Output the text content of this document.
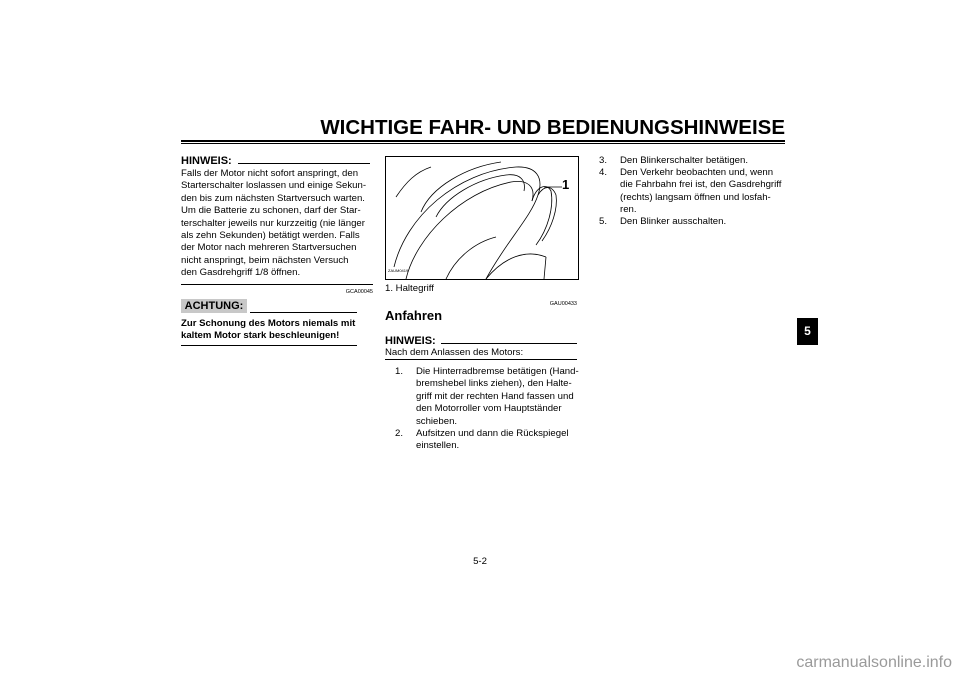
WICHTIGE FAHR- UND BEDIENUNGSHINWEISE
HINWEIS:
Falls der Motor nicht sofort anspringt, den
Starterschalter loslassen und einige Sekun-
den bis zum nächsten Startversuch warten.
Um die Batterie zu schonen, darf der Star-
terschalter jeweils nur kurzzeitig (nie länger
als zehn Sekunden) betätigt werden. Falls
der Motor nach mehreren Startversuchen
nicht anspringt, beim nächsten Versuch
den Gasdrehgriff 1/8 öffnen.
GCA00045
ACHTUNG:
Zur Schonung des Motors niemals mit
kaltem Motor stark beschleunigen!
1
ZAUM0419
1. Haltegriff
GAU00433
Anfahren
HINWEIS:
Nach dem Anlassen des Motors:
1. Die Hinterradbremse betätigen (Hand-
bremshebel links ziehen), den Halte-
griff mit der rechten Hand fassen und
den Motorroller vom Hauptständer
schieben.
2. Aufsitzen und dann die Rückspiegel
einstellen.
3. Den Blinkerschalter betätigen.
4. Den Verkehr beobachten und, wenn
die Fahrbahn frei ist, den Gasdrehgriff
(rechts) langsam öffnen und losfah-
ren.
5. Den Blinker ausschalten.
5
5-2
carmanualsonline.info
